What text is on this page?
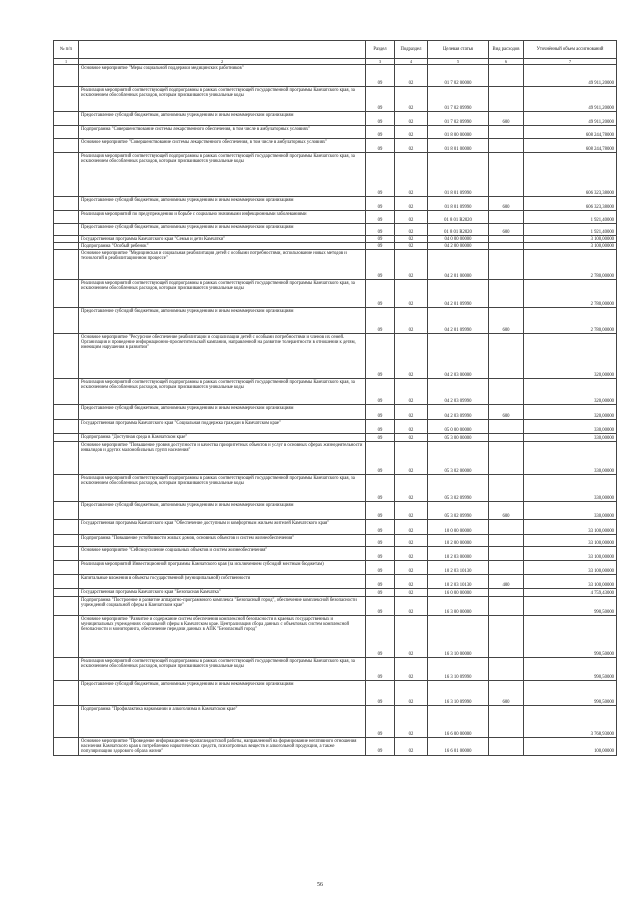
№ п/п		Раздел	Подраздел	Целевая статья	Вид расходов	Уточнённый объем ассигнований
1	2	3	4	5	6	7
	Основное мероприятие "Меры социальной поддержки медицинских работников"	09	02	01 7 02 00000		49 911,20000
	Реализация мероприятий соответствующей подпрограммы в рамках соответствующей государственной программы Камчатского края, за исключением обособленных расходов, которым присваиваются уникальные коды	09	02	01 7 02 09990		49 911,20000
	Предоставление субсидий бюджетным, автономным учреждениям и иным некоммерческим организациям	09	02	01 7 02 09990	600	49 911,20000
	Подпрограмма "Совершенствование системы лекарственного обеспечения, в том числе в амбулаторных условиях"	09	02	01 8 00 00000		608 244,78000
	Основное мероприятие "Совершенствование системы лекарственного обеспечения, в том числе в амбулаторных условиях"	09	02	01 8 01 00000		608 244,78000
	Реализация мероприятий соответствующей подпрограммы в рамках соответствующей государственной программы Камчатского края, за исключением обособленных расходов, которым присваиваются уникальные коды	09	02	01 8 01 09990		606 323,38000
	Предоставление субсидий бюджетным, автономным учреждениям и иным некоммерческим организациям	09	02	01 8 01 09990	600	606 323,38000
	Реализация мероприятий по предупреждению и борьбе с социально значимыми инфекционными заболеваниями	09	02	01 8 01 R2020		1 921,40000
	Предоставление субсидий бюджетным, автономным учреждениям и иным некоммерческим организациям	09	02	01 8 01 R2020	600	1 921,40000
	Государственная программа Камчатского края "Семья и дети Камчатки"	09	02	04 0 00 00000		3 100,00000
	Подпрограмма "Особый ребенок"	09	02	04 2 00 00000		3 100,00000
	Основное мероприятие "Медицинская и социальная реабилитация детей с особыми потребностями, использование новых методов и технологий в реабилитационном процессе"	09	02	04 2 01 00000		2 780,00000
	Реализация мероприятий соответствующей подпрограммы в рамках соответствующей государственной программы Камчатского края, за исключением обособленных расходов, которым присваиваются уникальные коды	09	02	04 2 01 09990		2 780,00000
	Предоставление субсидий бюджетным, автономным учреждениям и иным некоммерческим организациям	09	02	04 2 01 09990	600	2 780,00000
	Основное мероприятие "Ресурсное обеспечение реабилитации и социализации детей с особыми потребностями и членов их семей. Организация и проведение информационно-просветительской кампании, направленной на развитие толерантности в отношении к детям, имеющим нарушения в развитии"	09	02	04 2 03 00000		320,00000
	Реализация мероприятий соответствующей подпрограммы в рамках соответствующей государственной программы Камчатского края, за исключением обособленных расходов, которым присваиваются уникальные коды	09	02	04 2 03 09990		320,00000
	Предоставление субсидий бюджетным, автономным учреждениям и иным некоммерческим организациям	09	02	04 2 03 09990	600	320,00000
	Государственная программа Камчатского края "Социальная поддержка граждан в Камчатском крае"	09	02	05 0 00 00000		330,00000
	Подпрограмма "Доступная среда в Камчатском крае"	09	02	05 3 00 00000		330,00000
	Основное мероприятие "Повышение уровня доступности и качества приоритетных объектов и услуг в основных сферах жизнедеятельности инвалидов и других маломобильных групп населения"	09	02	05 3 02 00000		330,00000
	Реализация мероприятий соответствующей подпрограммы в рамках соответствующей государственной программы Камчатского края, за исключением обособленных расходов, которым присваиваются уникальные коды	09	02	05 3 02 09990		330,00000
	Предоставление субсидий бюджетным, автономным учреждениям и иным некоммерческим организациям	09	02	05 3 02 09990	600	330,00000
	Государственная программа Камчатского края "Обеспечение доступным и комфортным жильем жителей Камчатского края"	09	02	10 0 00 00000		33 100,00000
	Подпрограмма "Повышение устойчивости жилых домов, основных объектов и систем жизнеобеспечения"	09	02	10 2 00 00000		33 100,00000
	Основное мероприятие "Сейсмоусиление социальных объектов и систем жизнеобеспечения"	09	02	10 2 03 00000		33 100,00000
	Реализация мероприятий Инвестиционной программы Камчатского края (за исключением субсидий местным бюджетам)	09	02	10 2 03 10130		33 100,00000
	Капитальные вложения в объекты государственной (муниципальной) собственности	09	02	10 2 03 10130	400	33 100,00000
	Государственная программа Камчатского края "Безопасная Камчатка"	09	02	16 0 00 00000		4 759,43000
	Подпрограмма "Построение и развитие аппаратно-программного комплекса "Безопасный город", обеспечение комплексной безопасности учреждений социальной сферы в Камчатском крае"	09	02	16 3 00 00000		990,50000
	Основное мероприятие "Развитие и содержание систем обеспечения комплексной безопасности в краевых государственных и муниципальных учреждениях социальной сферы в Камчатском крае. Централизация сбора данных с объектовых систем комплексной безопасности и мониторинга, обеспечение передачи данных в АПК "Безопасный город"	09	02	16 3 10 00000		990,50000
	Реализация мероприятий соответствующей подпрограммы в рамках соответствующей государственной программы Камчатского края, за исключением обособленных расходов, которым присваиваются уникальные коды	09	02	16 3 10 09990		990,50000
	Предоставление субсидий бюджетным, автономным учреждениям и иным некоммерческим организациям	09	02	16 3 10 09990	600	990,50000
	Подпрограмма "Профилактика наркомании и алкоголизма в Камчатском крае"	09	02	16 6 00 00000		3 768,93000
	Основное мероприятие "Проведение информационно-пропагандистской работы, направленной на формирование негативного отношения населения Камчатского края к потреблению наркотических средств, психотропных веществ и алкогольной продукции, а также популяризацию здорового образа жизни"	09	02	16 6 01 00000		100,00000
56
